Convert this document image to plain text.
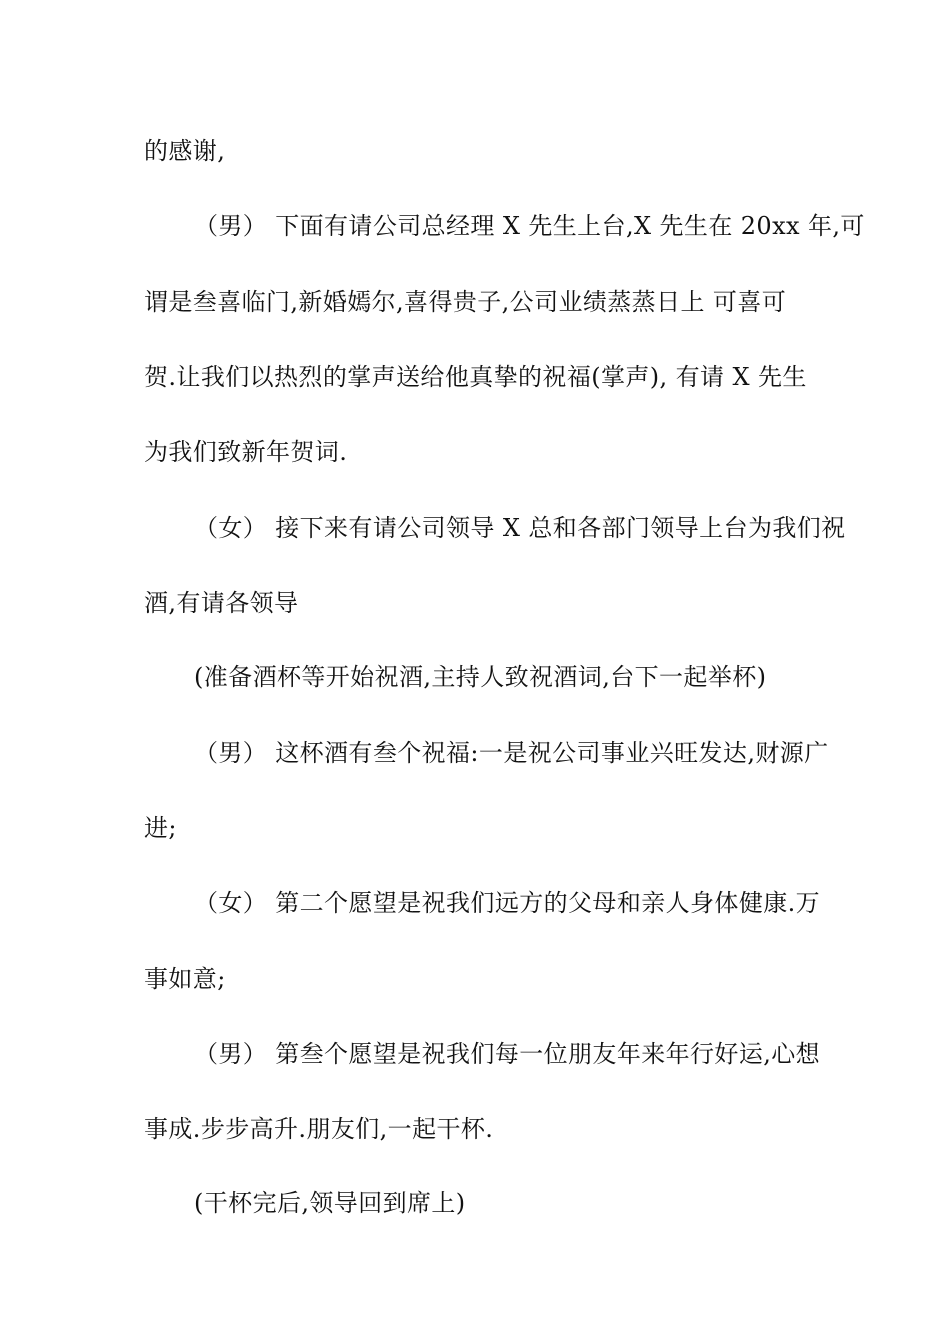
的感谢,
（男） 下面有请公司总经理 X 先生上台,X 先生在 20xx 年,可
谓是叁喜临门,新婚嫣尔,喜得贵子,公司业绩蒸蒸日上 可喜可
贺.让我们以热烈的掌声送给他真挚的祝福(掌声), 有请 X 先生
为我们致新年贺词.
（女） 接下来有请公司领导 X 总和各部门领导上台为我们祝
酒,有请各领导
(准备酒杯等开始祝酒,主持人致祝酒词,台下一起举杯)
（男） 这杯酒有叁个祝福:一是祝公司事业兴旺发达,财源广
进;
（女） 第二个愿望是祝我们远方的父母和亲人身体健康.万
事如意;
（男） 第叁个愿望是祝我们每一位朋友年来年行好运,心想
事成.步步高升.朋友们,一起干杯.
(干杯完后,领导回到席上)
